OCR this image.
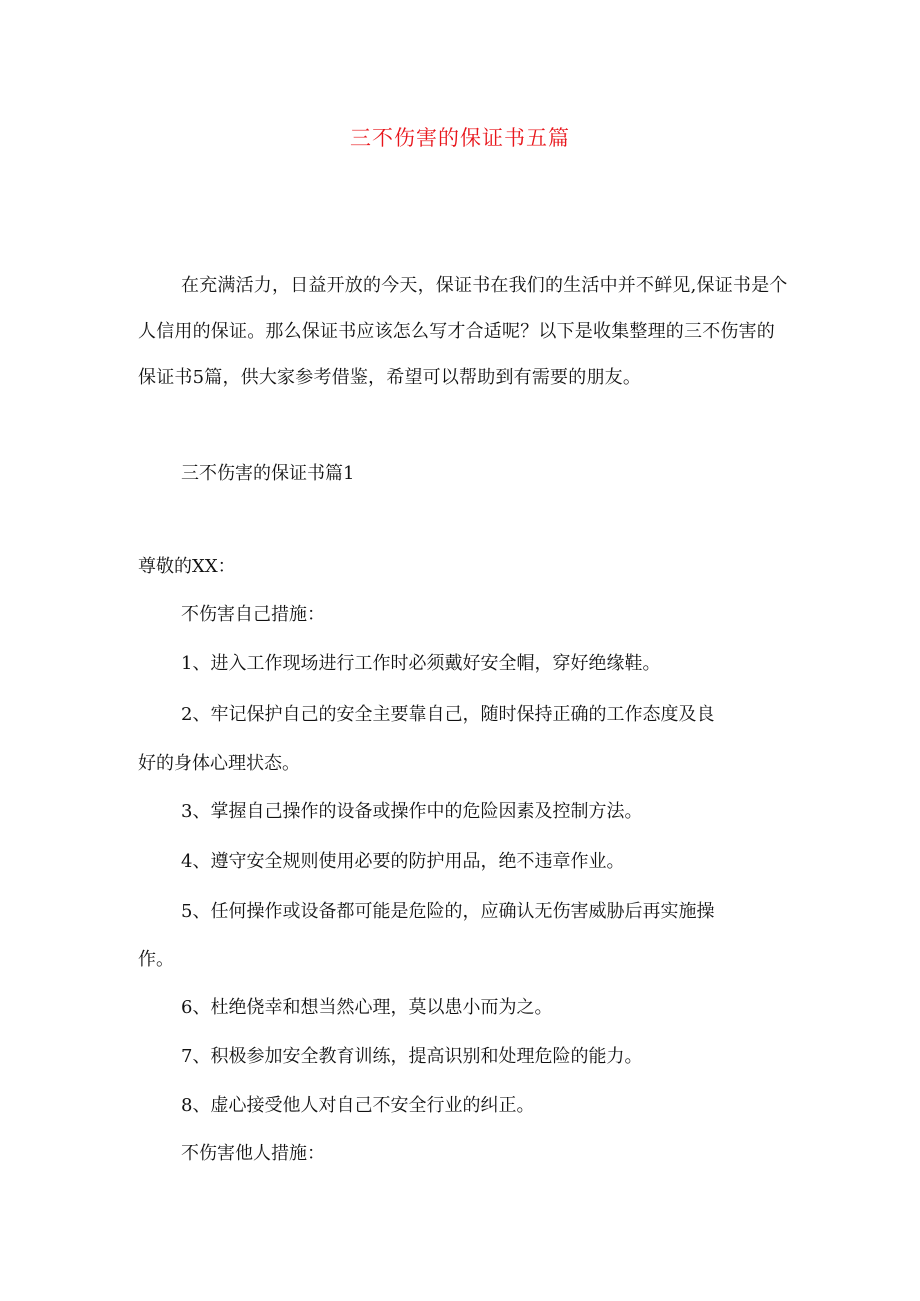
三不伤害的保证书五篇

在充满活力，日益开放的今天，保证书在我们的生活中并不鲜见,保证书是个人信用的保证。那么保证书应该怎么写才合适呢？以下是收集整理的三不伤害的保证书5篇，供大家参考借鉴，希望可以帮助到有需要的朋友。

三不伤害的保证书篇1

尊敬的XX：

不伤害自己措施：

1、进入工作现场进行工作时必须戴好安全帽，穿好绝缘鞋。

2、牢记保护自己的安全主要靠自己，随时保持正确的工作态度及良

好的身体心理状态。

3、掌握自己操作的设备或操作中的危险因素及控制方法。

4、遵守安全规则使用必要的防护用品，绝不违章作业。

5、任何操作或设备都可能是危险的，应确认无伤害威胁后再实施操

作。

6、杜绝侥幸和想当然心理，莫以患小而为之。

7、积极参加安全教育训练，提高识别和处理危险的能力。

8、虚心接受他人对自己不安全行业的纠正。

不伤害他人措施：
